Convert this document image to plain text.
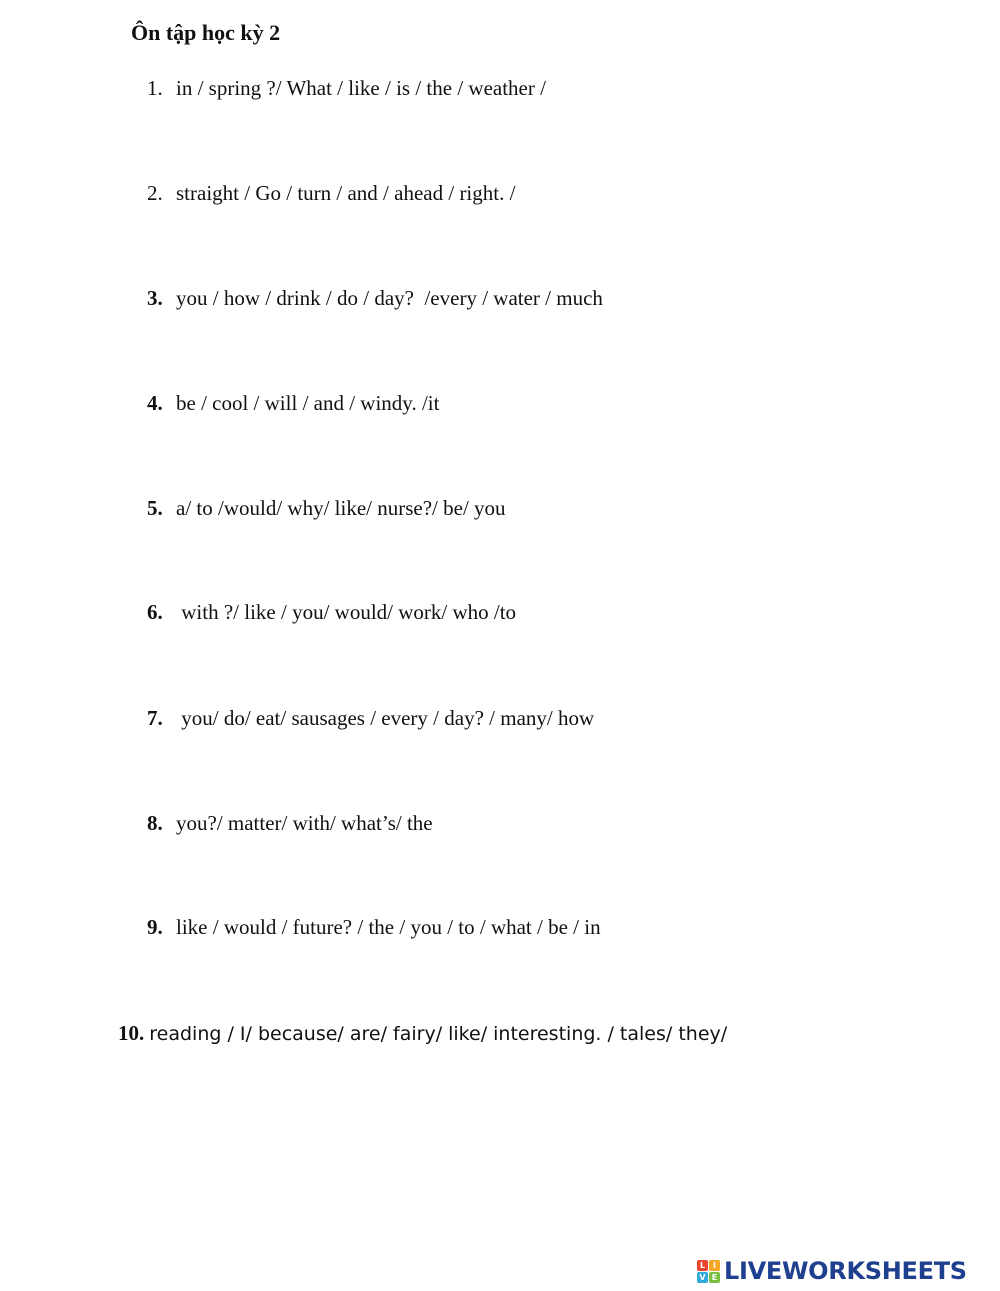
Ôn tập học kỳ 2
1. in / spring ?/ What / like / is / the / weather /
2. straight / Go / turn / and / ahead / right. /
3. you / how / drink / do / day?  /every / water / much
4. be / cool / will / and / windy. /it
5. a/ to /would/ why/ like/ nurse?/ be/ you
6. with ?/ like / you/ would/ work/ who /to
7. you/ do/ eat/ sausages / every / day? / many/ how
8. you?/ matter/ with/ what’s/ the
9. like / would / future? / the / you / to / what / be / in
10. reading / I/ because/ are/ fairy/ like/ interesting. / tales/ they/
L I
V E LIVEWORKSHEETS
